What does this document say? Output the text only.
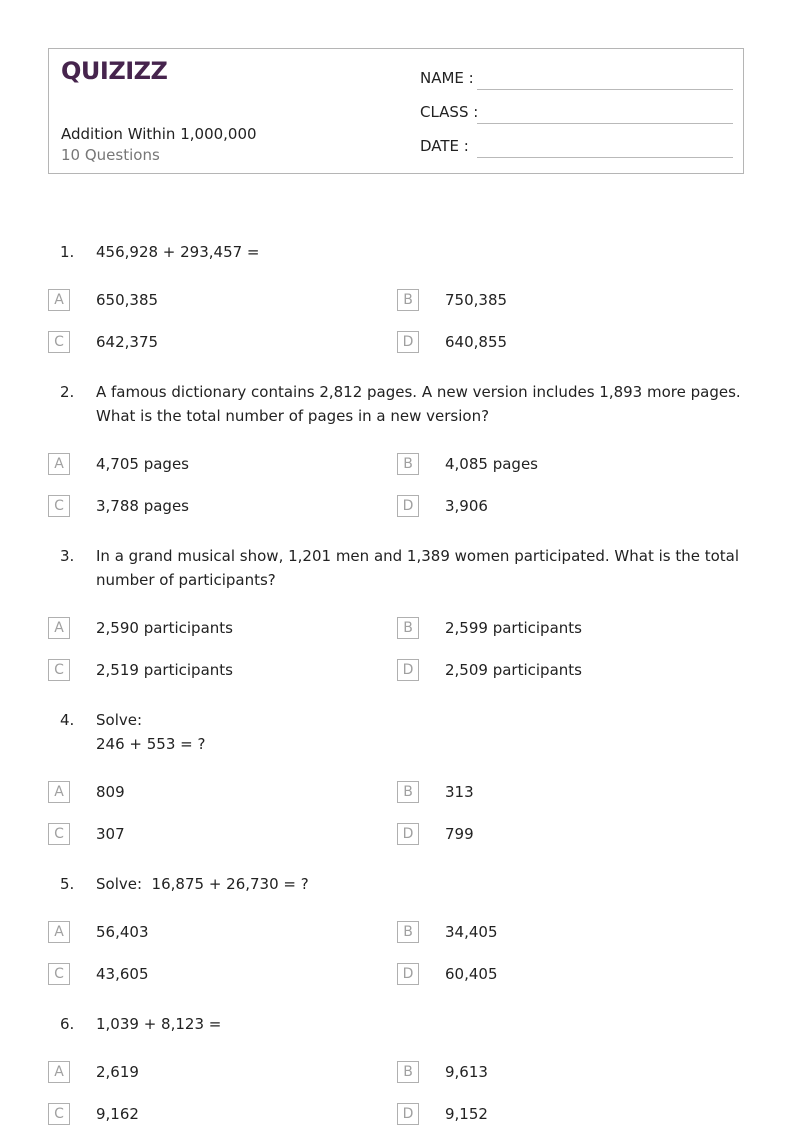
QUIZIZZ
Addition Within 1,000,000
10 Questions
NAME :
CLASS :
DATE :
1. 456,928 + 293,457 =
A	650,385	B	750,385
C	642,375	D	640,855
2. A famous dictionary contains 2,812 pages. A new version includes 1,893 more pages.
What is the total number of pages in a new version?
A	4,705 pages	B	4,085 pages
C	3,788 pages	D	3,906
3. In a grand musical show, 1,201 men and 1,389 women participated. What is the total
number of participants?
A	2,590 participants	B	2,599 participants
C	2,519 participants	D	2,509 participants
4. Solve:
246 + 553 = ?
A	809	B	313
C	307	D	799
5. Solve:  16,875 + 26,730 = ?
A	56,403	B	34,405
C	43,605	D	60,405
6. 1,039 + 8,123 =
A	2,619	B	9,613
C	9,162	D	9,152
